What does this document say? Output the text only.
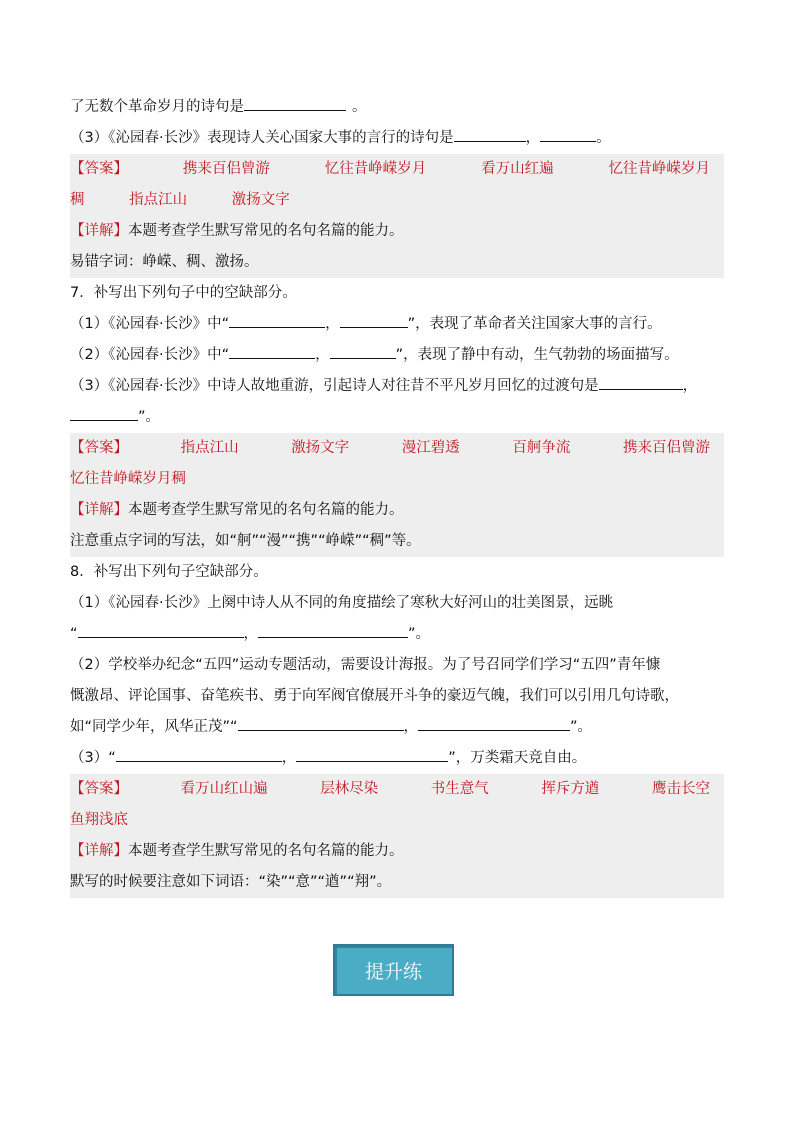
了无数个革命岁月的诗句是	。
（3）《沁园春·长沙》表现诗人关心国家大事的言行的诗句是	，	。
【答案】	携来百侣曾游	忆往昔峥嵘岁月	看万山红遍	忆往昔峥嵘岁月
稠	指点江山	激扬文字
【详解】本题考查学生默写常见的名句名篇的能力。
易错字词：峥嵘、稠、激扬。
7．补写出下列句子中的空缺部分。
（1）《沁园春·长沙》中“	，	”，表现了革命者关注国家大事的言行。
（2）《沁园春·长沙》中“	，	”，表现了静中有动，生气勃勃的场面描写。
（3）《沁园春·长沙》中诗人故地重游，引起诗人对往昔不平凡岁月回忆的过渡句是	，
”。
【答案】	指点江山	激扬文字	漫江碧透	百舸争流	携来百侣曾游
忆往昔峥嵘岁月稠
【详解】本题考查学生默写常见的名句名篇的能力。
注意重点字词的写法，如“舸”“漫”“携”“峥嵘”“稠”等。
8．补写出下列句子空缺部分。
（1）《沁园春·长沙》上阕中诗人从不同的角度描绘了寒秋大好河山的壮美图景，远眺
“	，	”。
（2）学校举办纪念“五四”运动专题活动，需要设计海报。为了号召同学们学习“五四”青年慷
慨激昂、评论国事、奋笔疾书、勇于向军阀官僚展开斗争的豪迈气魄，我们可以引用几句诗歌，
如“同学少年，风华正茂”“	，	”。
（3）“	，	”，万类霜天竞自由。
【答案】	看万山红山遍	层林尽染	书生意气	挥斥方遒	鹰击长空
鱼翔浅底
【详解】本题考查学生默写常见的名句名篇的能力。
默写的时候要注意如下词语：“染”“意”“遒”“翔”。
提升练
